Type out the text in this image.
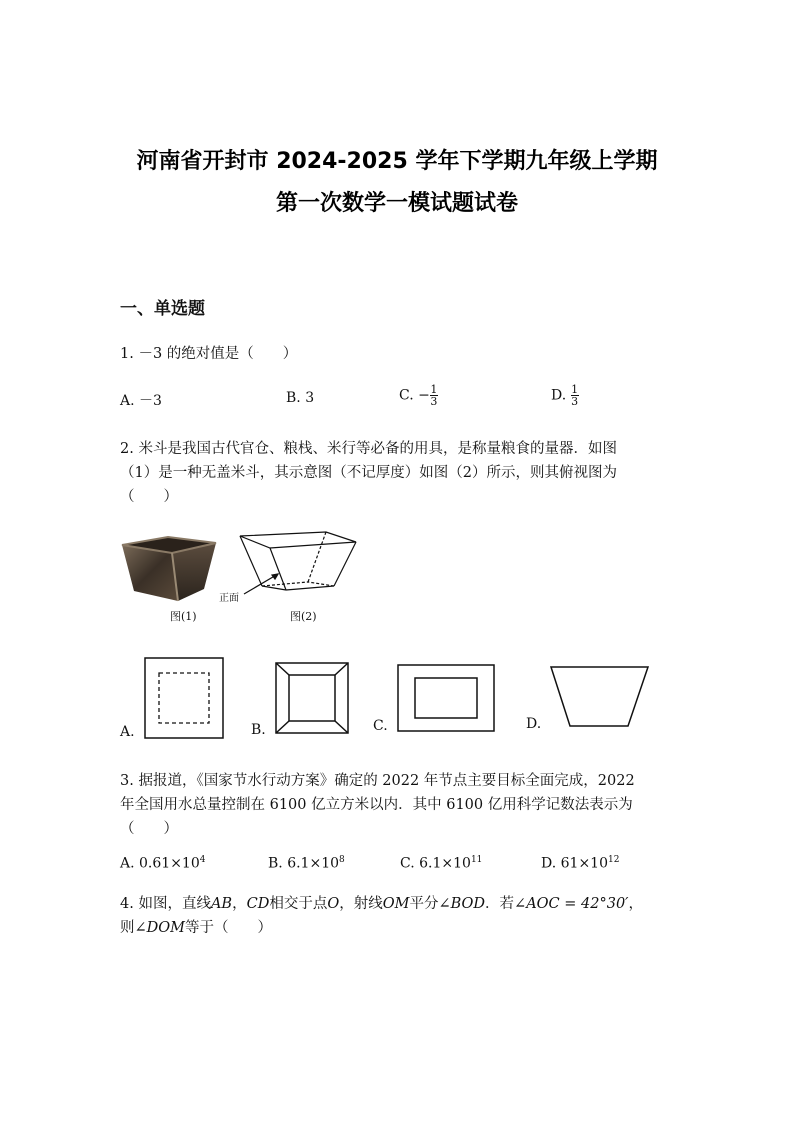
河南省开封市 2024-2025 学年下学期九年级上学期
第一次数学一模试题试卷
一、单选题
1. －3 的绝对值是（　　）
A. －3	B. 3	C. − $\frac{1}{3}$	D. $\frac{1}{3}$
2. 米斗是我国古代官仓、粮栈、米行等必备的用具，是称量粮食的量器．如图
（1）是一种无盖米斗，其示意图（不记厚度）如图（2）所示，则其俯视图为
（　　）
图(1)
正面
图(2)
A.	B.	C.	D.
3. 据报道，《国家节水行动方案》确定的 2022 年节点主要目标全面完成，2022
年全国用水总量控制在 6100 亿立方米以内．其中 6100 亿用科学记数法表示为
（　　）
A. $0.61\times 10^4$	B. $6.1\times 10^8$	C. $6.1\times 10^{11}$	D. $61\times 10^{12}$
4. 如图，直线AB，CD相交于点O，射线OM平分∠BOD．若∠AOC = 42°30′，
则∠DOM等于（　　）
